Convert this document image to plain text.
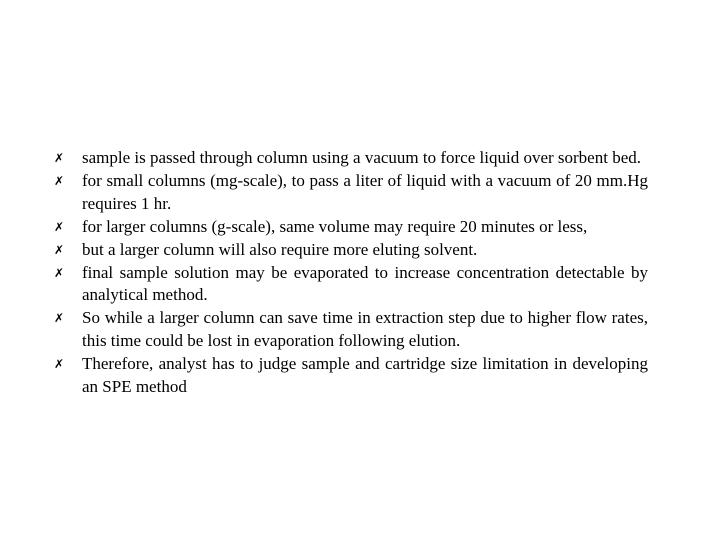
✗ sample is passed through column using a vacuum to force liquid over sorbent bed.
✗ for small columns (mg-scale), to pass a liter of liquid with a vacuum of 20 mm.Hg requires 1 hr.
✗ for larger columns (g-scale), same volume may require 20 minutes or less,
✗ but a larger column will also require more eluting solvent.
✗ final sample solution may be evaporated to increase concentration detectable by analytical method.
✗ So while a larger column can save time in extraction step due to higher flow rates, this time could be lost in evaporation following elution.
✗ Therefore, analyst has to judge sample and cartridge size limitation in developing an SPE method
